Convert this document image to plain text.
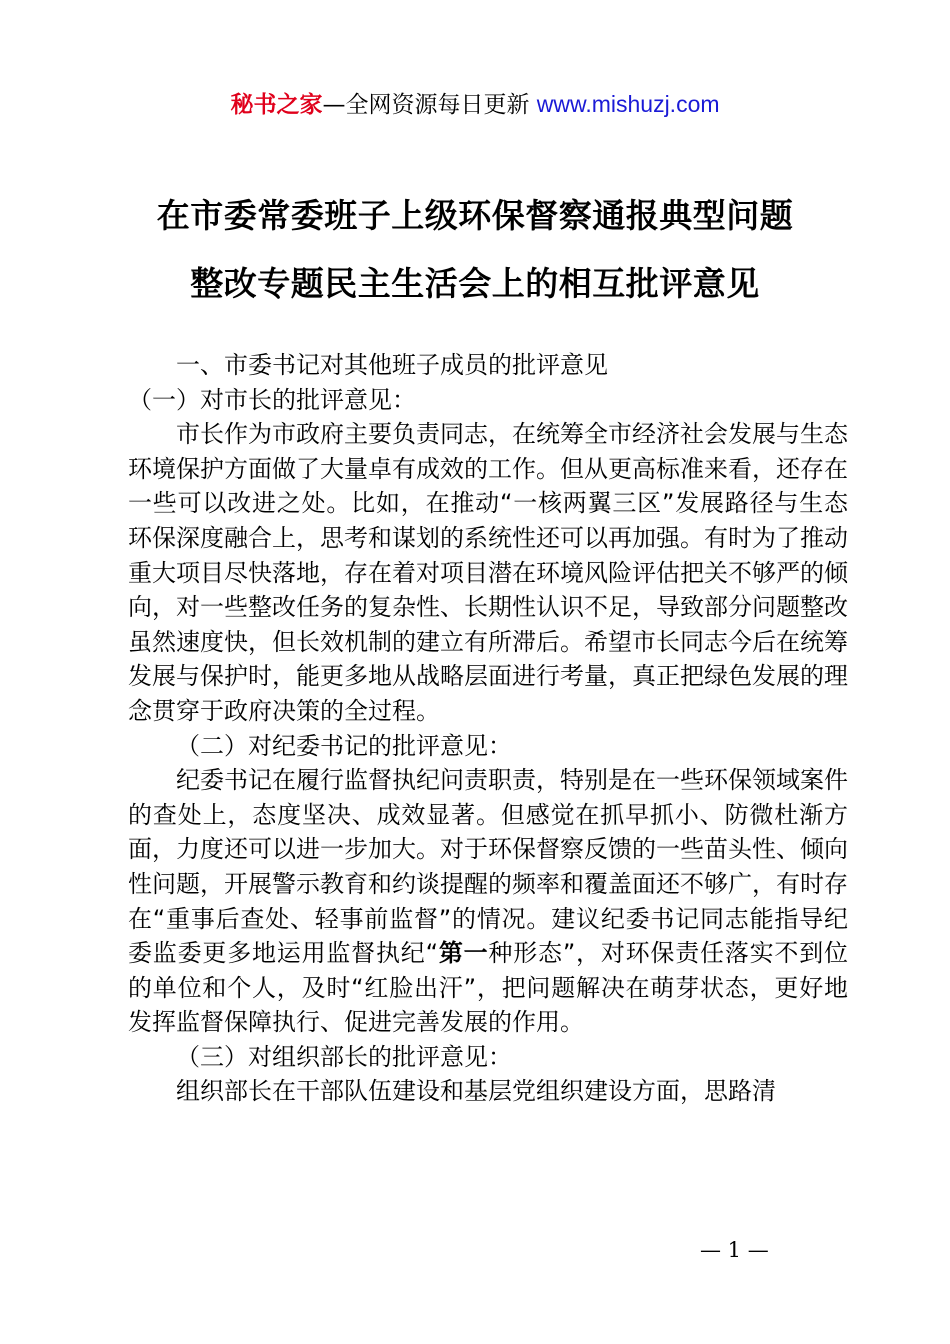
秘书之家—全网资源每日更新 www.mishuzj.com
在市委常委班子上级环保督察通报典型问题
整改专题民主生活会上的相互批评意见

一、市委书记对其他班子成员的批评意见

（一）对市长的批评意见：

市长作为市政府主要负责同志，在统筹全市经济社会发展与生态环境保护方面做了大量卓有成效的工作。但从更高标准来看，还存在一些可以改进之处。比如，在推动“一核两翼三区”发展路径与生态环保深度融合上，思考和谋划的系统性还可以再加强。有时为了推动重大项目尽快落地，存在着对项目潜在环境风险评估把关不够严的倾向，对一些整改任务的复杂性、长期性认识不足，导致部分问题整改虽然速度快，但长效机制的建立有所滞后。希望市长同志今后在统筹发展与保护时，能更多地从战略层面进行考量，真正把绿色发展的理念贯穿于政府决策的全过程。

（二）对纪委书记的批评意见：

纪委书记在履行监督执纪问责职责，特别是在一些环保领域案件的查处上，态度坚决、成效显著。但感觉在抓早抓小、防微杜渐方面，力度还可以进一步加大。对于环保督察反馈的一些苗头性、倾向性问题，开展警示教育和约谈提醒的频率和覆盖面还不够广，有时存在“重事后查处、轻事前监督”的情况。建议纪委书记同志能指导纪委监委更多地运用监督执纪“第一种形态”，对环保责任落实不到位的单位和个人，及时“红脸出汗”，把问题解决在萌芽状态，更好地发挥监督保障执行、促进完善发展的作用。

（三）对组织部长的批评意见：

组织部长在干部队伍建设和基层党组织建设方面，思路清

— 1 —
